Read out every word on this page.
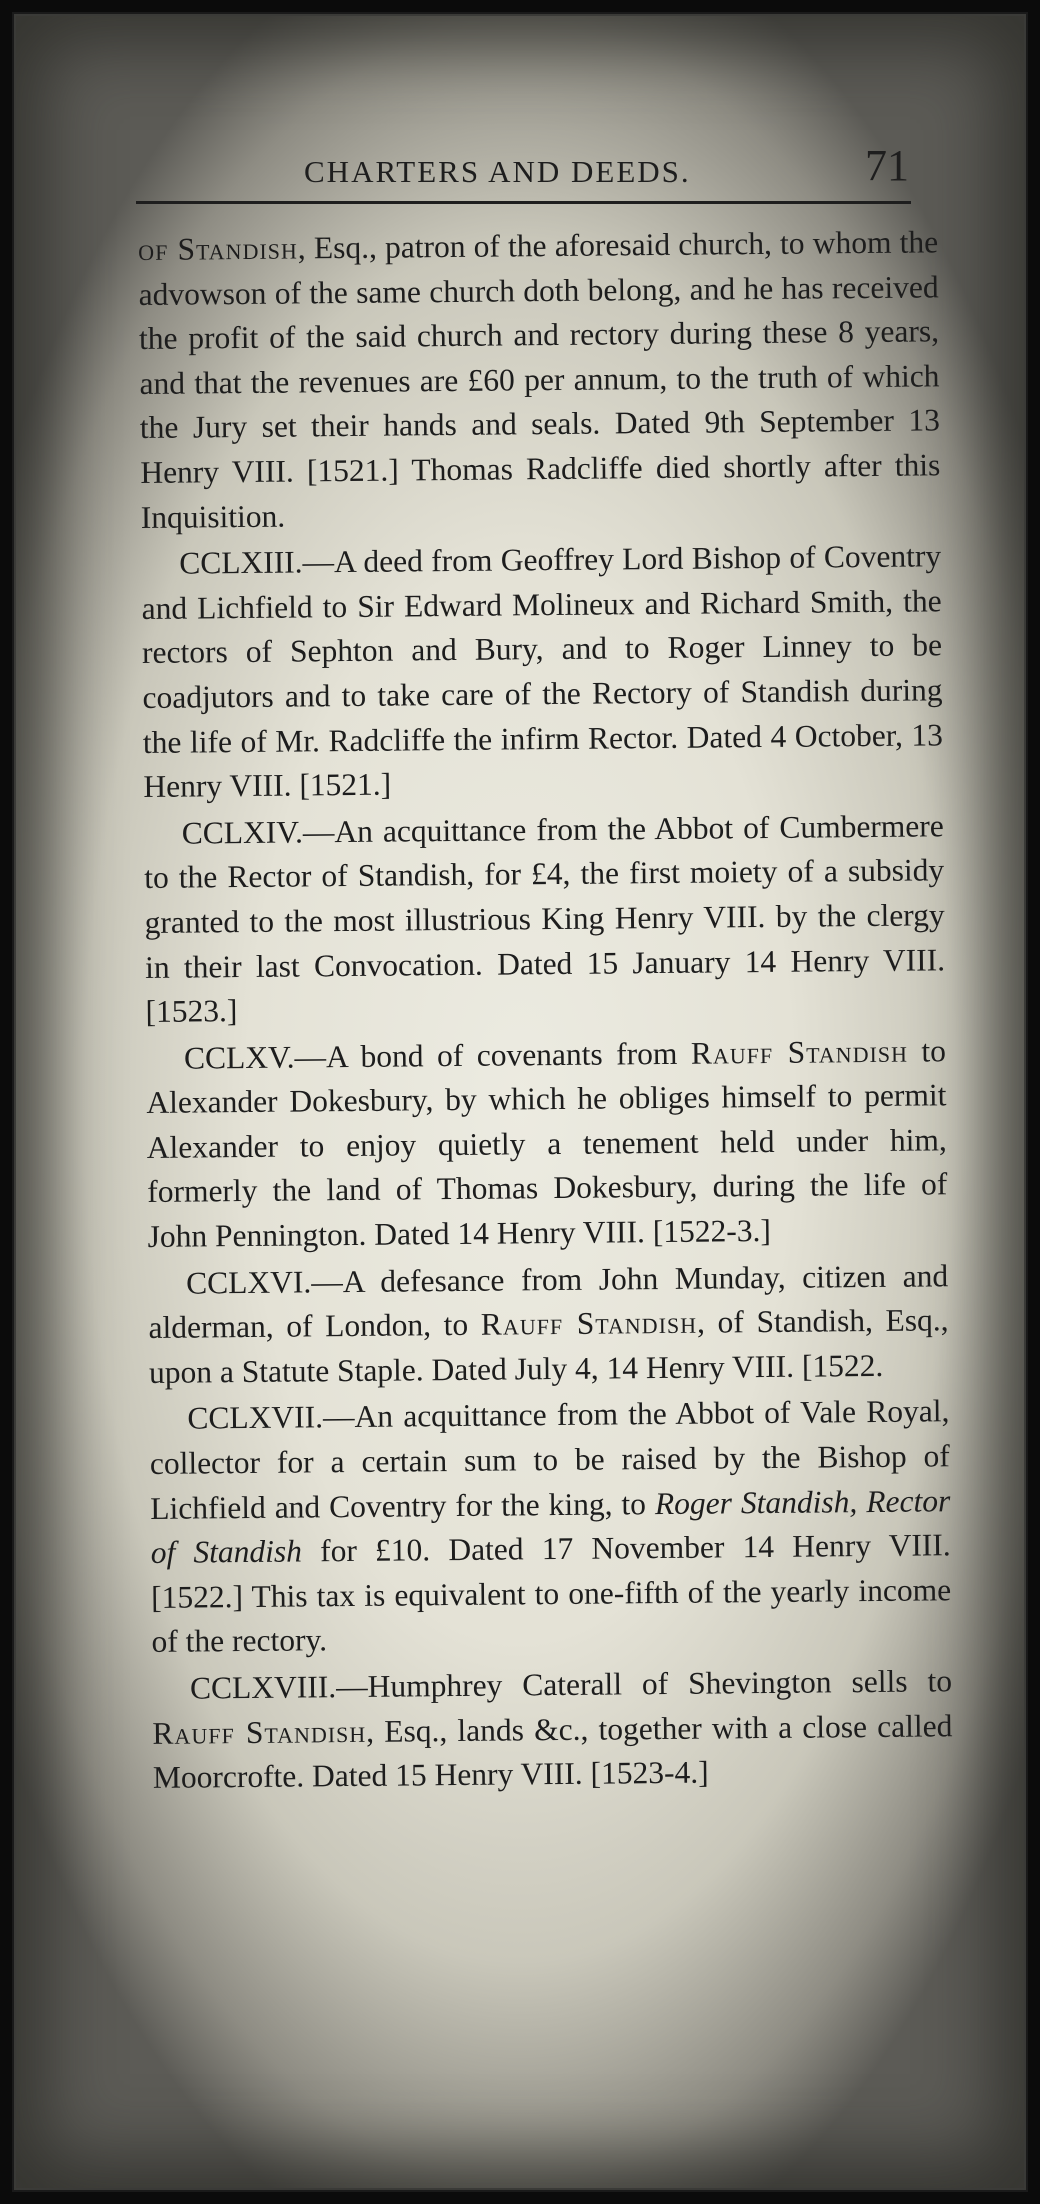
CHARTERS AND DEEDS.	71

of Standish, Esq., patron of the aforesaid church, to whom the advowson of the same church doth belong, and he has received the profit of the said church and rectory during these 8 years, and that the revenues are £60 per annum, to the truth of which the Jury set their hands and seals. Dated 9th September 13 Henry VIII. [1521.] Thomas Radcliffe died shortly after this Inquisition.

CCLXIII.—A deed from Geoffrey Lord Bishop of Coventry and Lichfield to Sir Edward Molineux and Richard Smith, the rectors of Sephton and Bury, and to Roger Linney to be coadjutors and to take care of the Rectory of Standish during the life of Mr. Radcliffe the infirm Rector. Dated 4 October, 13 Henry VIII. [1521.]

CCLXIV.—An acquittance from the Abbot of Cumbermere to the Rector of Standish, for £4, the first moiety of a subsidy granted to the most illustrious King Henry VIII. by the clergy in their last Convocation. Dated 15 January 14 Henry VIII. [1523.]

CCLXV.—A bond of covenants from Rauff Standish to Alexander Dokesbury, by which he obliges himself to permit Alexander to enjoy quietly a tenement held under him, formerly the land of Thomas Dokesbury, during the life of John Pennington. Dated 14 Henry VIII. [1522-3.]

CCLXVI.—A defesance from John Munday, citizen and alderman, of London, to Rauff Standish, of Standish, Esq., upon a Statute Staple. Dated July 4, 14 Henry VIII. [1522.

CCLXVII.—An acquittance from the Abbot of Vale Royal, collector for a certain sum to be raised by the Bishop of Lichfield and Coventry for the king, to Roger Standish, Rector of Standish for £10. Dated 17 November 14 Henry VIII. [1522.] This tax is equivalent to one-fifth of the yearly income of the rectory.

CCLXVIII.—Humphrey Caterall of Shevington sells to Rauff Standish, Esq., lands &c., together with a close called Moorcrofte. Dated 15 Henry VIII. [1523-4.]
